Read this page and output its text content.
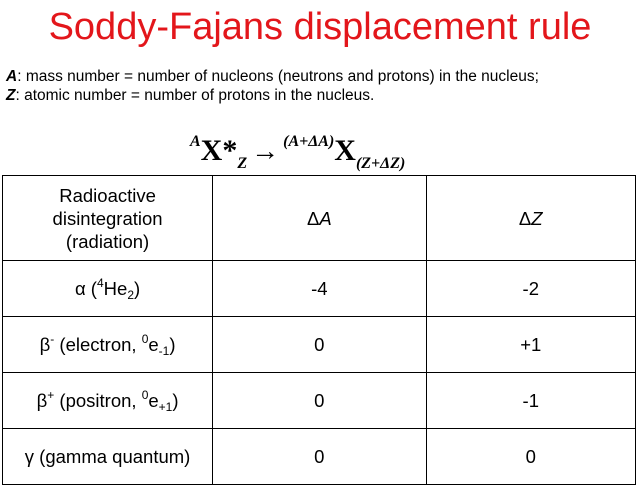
Soddy-Fajans displacement rule
A: mass number = number of nucleons (neutrons and protons) in the nucleus;
Z: atomic number = number of protons in the nucleus.
$^AX*_Z \to ^{(A+\Delta A)}X_{(Z+\Delta Z)}$
Radioactive
disintegration
(radiation)	ΔA	ΔZ
α $(^4He_2)$	-4	-2
β- (electron, $^0e_{-1}$)	0	+1
β+ (positron, $^0e_{+1}$)	0	-1
γ (gamma quantum)	0	0
